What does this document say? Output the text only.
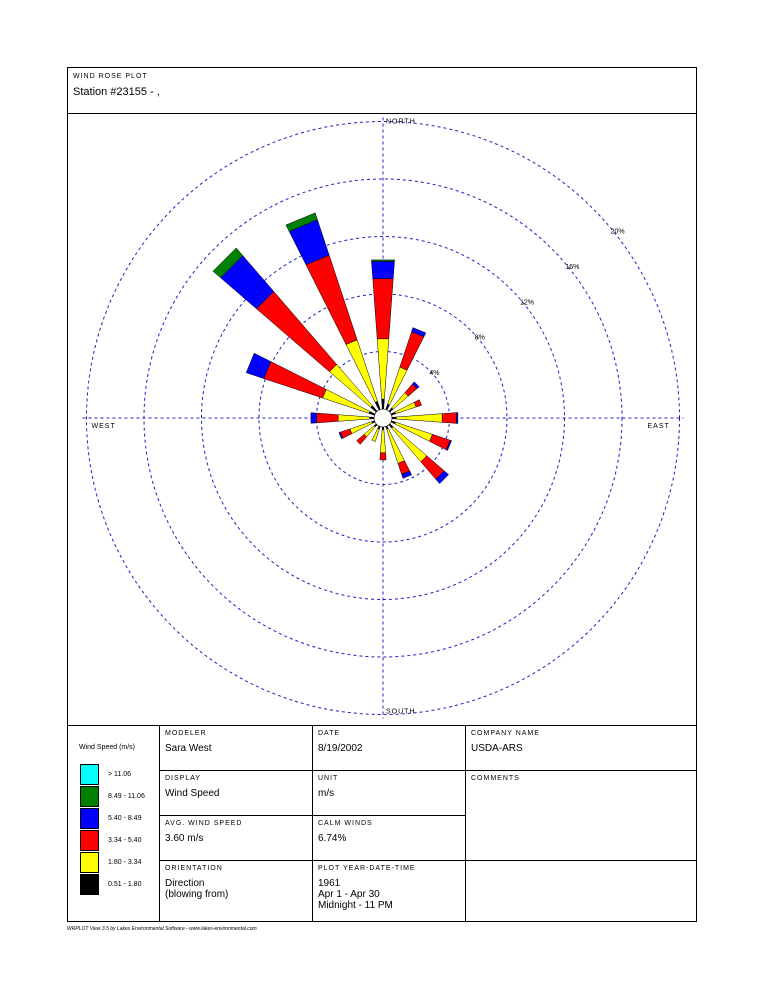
WIND ROSE PLOT
Station #23155 - ,
4%
8%
12%
16%
20%
NORTH
SOUTH
EAST
WEST
Wind Speed (m/s)
> 11.06
8.49 - 11.06
5.40 - 8.49
3.34 - 5.40
1.80 - 3.34
0.51 - 1.80
MODELER
Sara West
DATE
8/19/2002
COMPANY NAME
USDA-ARS
DISPLAY
Wind Speed
UNIT
m/s
COMMENTS
AVG. WIND SPEED
3.60 m/s
CALM WINDS
6.74%
ORIENTATION
Direction
(blowing from)
PLOT YEAR-DATE-TIME
1961
Apr 1 - Apr 30
Midnight - 11 PM
WRPLOT View 3.5 by Lakes Environmental Software - www.lakes-environmental.com
